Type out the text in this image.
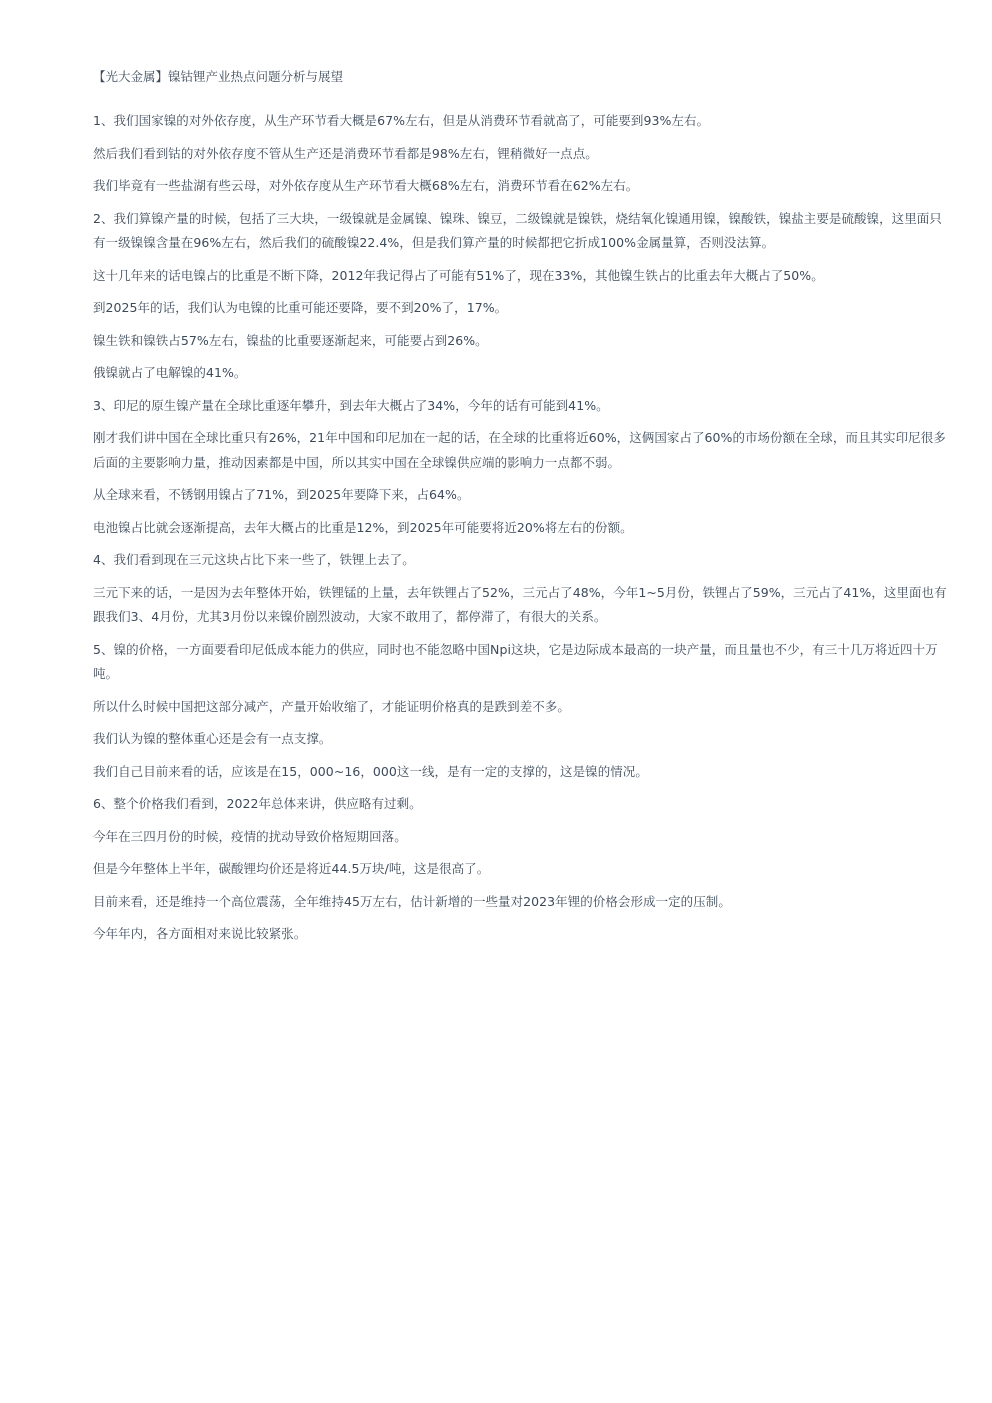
【光大金属】镍钴锂产业热点问题分析与展望

1、我们国家镍的对外依存度，从生产环节看大概是67%左右，但是从消费环节看就高了，可能要到93%左右。

然后我们看到钴的对外依存度不管从生产还是消费环节看都是98%左右，锂稍微好一点点。

我们毕竟有一些盐湖有些云母，对外依存度从生产环节看大概68%左右，消费环节看在62%左右。

2、我们算镍产量的时候，包括了三大块，一级镍就是金属镍、镍珠、镍豆，二级镍就是镍铁，烧结氧化镍通用镍，镍酸铁，镍盐主要是硫酸镍，这里面只有一级镍镍含量在96%左右，然后我们的硫酸镍22.4%，但是我们算产量的时候都把它折成100%金属量算，否则没法算。

这十几年来的话电镍占的比重是不断下降，2012年我记得占了可能有51%了，现在33%，其他镍生铁占的比重去年大概占了50%。

到2025年的话，我们认为电镍的比重可能还要降，要不到20%了，17%。

镍生铁和镍铁占57%左右，镍盐的比重要逐渐起来，可能要占到26%。

俄镍就占了电解镍的41%。

3、印尼的原生镍产量在全球比重逐年攀升，到去年大概占了34%，今年的话有可能到41%。

刚才我们讲中国在全球比重只有26%，21年中国和印尼加在一起的话，在全球的比重将近60%，这俩国家占了60%的市场份额在全球，而且其实印尼很多后面的主要影响力量，推动因素都是中国，所以其实中国在全球镍供应端的影响力一点都不弱。

从全球来看，不锈钢用镍占了71%，到2025年要降下来，占64%。

电池镍占比就会逐渐提高，去年大概占的比重是12%，到2025年可能要将近20%将左右的份额。

4、我们看到现在三元这块占比下来一些了，铁锂上去了。

三元下来的话，一是因为去年整体开始，铁锂锰的上量，去年铁锂占了52%，三元占了48%，今年1~5月份，铁锂占了59%，三元占了41%，这里面也有跟我们3、4月份，尤其3月份以来镍价剧烈波动，大家不敢用了，都停滞了，有很大的关系。

5、镍的价格，一方面要看印尼低成本能力的供应，同时也不能忽略中国Npi这块，它是边际成本最高的一块产量，而且量也不少，有三十几万将近四十万吨。

所以什么时候中国把这部分减产，产量开始收缩了，才能证明价格真的是跌到差不多。

我们认为镍的整体重心还是会有一点支撑。

我们自己目前来看的话，应该是在15，000~16，000这一线，是有一定的支撑的，这是镍的情况。

6、整个价格我们看到，2022年总体来讲，供应略有过剩。

今年在三四月份的时候，疫情的扰动导致价格短期回落。

但是今年整体上半年，碳酸锂均价还是将近44.5万块/吨，这是很高了。

目前来看，还是维持一个高位震荡，全年维持45万左右，估计新增的一些量对2023年锂的价格会形成一定的压制。

今年年内，各方面相对来说比较紧张。
